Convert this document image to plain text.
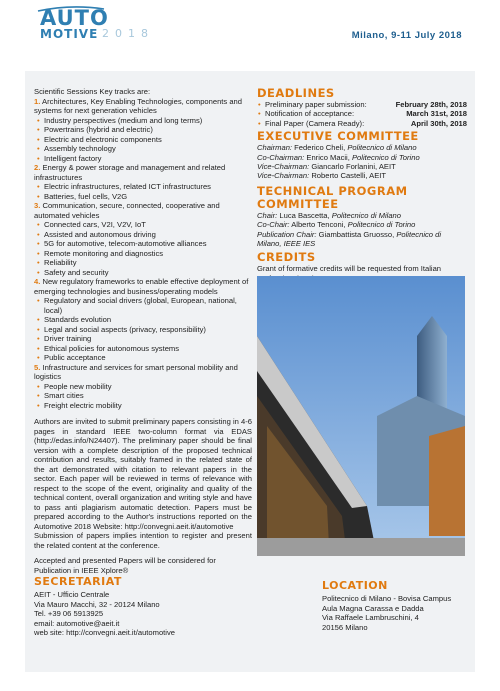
AUTO
MOTIVE 2018	Milano, 9-11 July 2018

Scientific Sessions Key tracks are:

1. Architectures, Key Enabling Technologies, components and systems for next generation vehicles
• Industry perspectives (medium and long terms)
• Powertrains (hybrid and electric)
• Electric and electronic components
• Assembly technology
• Intelligent factory
2. Energy & power storage and management and related infrastructures
• Electric infrastructures, related ICT infrastructures
• Batteries, fuel cells, V2G
3. Communication, secure, connected, cooperative and automated vehicles
• Connected cars, V2I, V2V, IoT
• Assisted and autonomous driving
• 5G for automotive, telecom-automotive alliances
• Remote monitoring and diagnostics
• Reliability
• Safety and security
4. New regulatory frameworks to enable effective deployment of emerging technologies and business/operating models
• Regulatory and social drivers (global, European, national, local)
• Standards evolution
• Legal and social aspects (privacy, responsibility)
• Driver training
• Ethical policies for autonomous systems
• Public acceptance
5. Infrastructure and services for smart personal mobility and logistics
• People new mobility
• Smart cities
• Freight electric mobility

Authors are invited to submit preliminary papers consisting in 4-6 pages in standard IEEE two-column format via EDAS (http://edas.info/N24407). The preliminary paper should be final version with a complete description of the proposed technical contribution and results, suitably framed in the related state of the art demonstrated with citation to relevant papers in the sector. Each paper will be reviewed in terms of relevance with respect to the scope of the event, originality and quality of the technical content, overall organization and writing style and have to pass anti plagiarism automatic detection. Papers must be prepared according to the Author's instructions reported on the Automotive 2018 Website: http://convegni.aeit.it/automotive

Submission of papers implies intention to register and present the related content at the conference.

Accepted and presented Papers will be considered for Publication in IEEE Xplore®

DEADLINES
• Preliminary paper submission:	February 28th, 2018
• Notification of acceptance:	March 31st, 2018
• Final Paper (Camera Ready):	April 30th, 2018
EXECUTIVE COMMITTEE
Chairman: Federico Cheli, Politecnico di Milano
Co-Chairman: Enrico Macii, Politecnico di Torino
Vice-Chairman: Giancarlo Forlanini, AEIT
Vice-Chairman: Roberto Castelli, AEIT
TECHNICAL PROGRAM COMMITTEE
Chair: Luca Bascetta, Politecnico di Milano
Co-Chair: Alberto Tenconi, Politecnico di Torino
Publication Chair: Giambattista Gruosso, Politecnico di Milano, IEEE IES
CREDITS
Grant of formative credits will be requested from Italian
SECRETARIAT
AEIT - Ufficio Centrale
Via Mauro Macchi, 32 - 20124 Milano
Tel. +39 06 5913925
email: automotive@aeit.it
web site: http://convegni.aeit.it/automotive
LOCATION
Politecnico di Milano - Bovisa Campus
Aula Magna Carassa e Dadda
Via Raffaele Lambruschini, 4
20156 Milano
